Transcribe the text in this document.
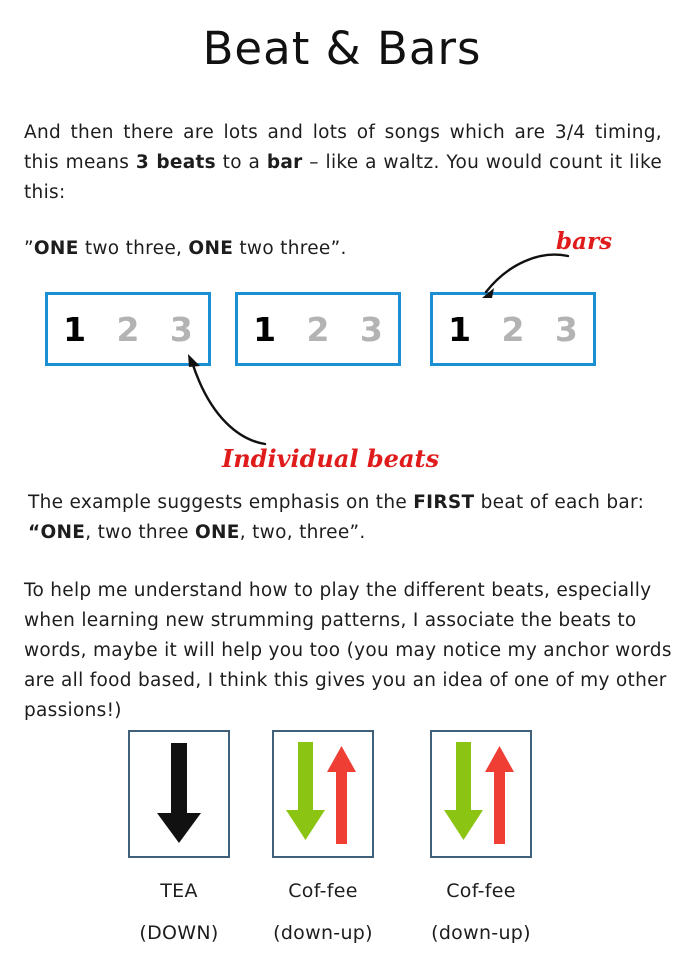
Beat & Bars
And then there are lots and lots of songs which are 3/4 timing, this means 3 beats to a bar – like a waltz. You would count it like this:
”ONE two three, ONE two three”.
1 2 3 1 2 3 1 2 3
bars
Individual beats
The example suggests emphasis on the FIRST beat of each bar: “ONE, two three ONE, two, three”.
To help me understand how to play the different beats, especially when learning new strumming patterns, I associate the beats to words, maybe it will help you too (you may notice my anchor words are all food based, I think this gives you an idea of one of my other passions!)
TEA
(DOWN)
Cof-fee
(down-up)
Cof-fee
(down-up)
